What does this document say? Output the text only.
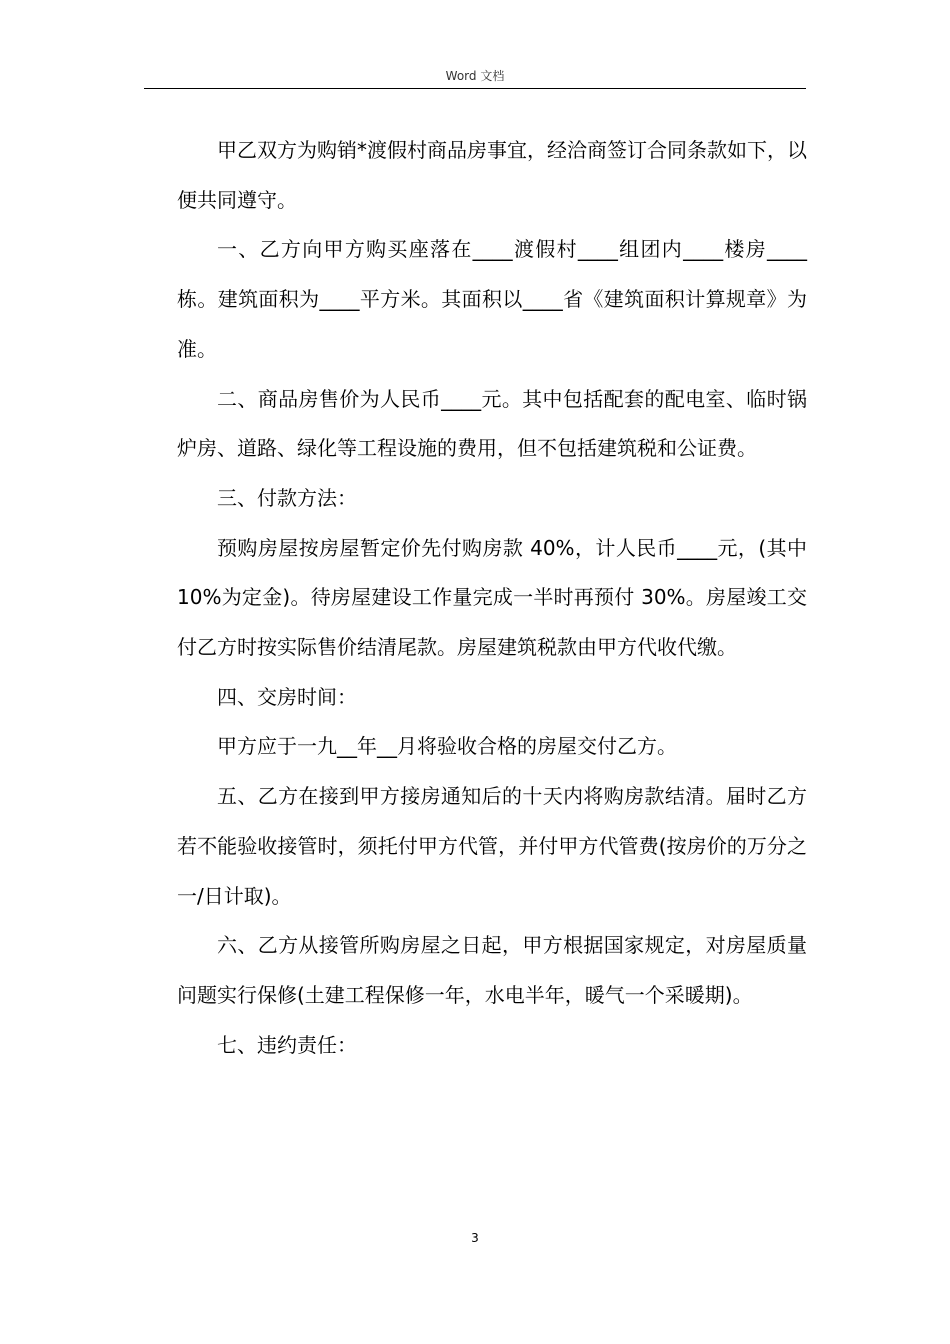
Word 文档

甲乙双方为购销*渡假村商品房事宜，经洽商签订合同条款如下，以便共同遵守。

一、乙方向甲方购买座落在____渡假村____组团内____楼房____栋。建筑面积为____平方米。其面积以____省《建筑面积计算规章》为准。

二、商品房售价为人民币____元。其中包括配套的配电室、临时锅炉房、道路、绿化等工程设施的费用，但不包括建筑税和公证费。

三、付款方法：

预购房屋按房屋暂定价先付购房款 40%，计人民币____元，(其中 10%为定金)。待房屋建设工作量完成一半时再预付 30%。房屋竣工交付乙方时按实际售价结清尾款。房屋建筑税款由甲方代收代缴。

四、交房时间：

甲方应于一九__年__月将验收合格的房屋交付乙方。

五、乙方在接到甲方接房通知后的十天内将购房款结清。届时乙方若不能验收接管时，须托付甲方代管，并付甲方代管费(按房价的万分之一/日计取)。

六、乙方从接管所购房屋之日起，甲方根据国家规定，对房屋质量问题实行保修(土建工程保修一年，水电半年，暖气一个采暖期)。

七、违约责任：

3
